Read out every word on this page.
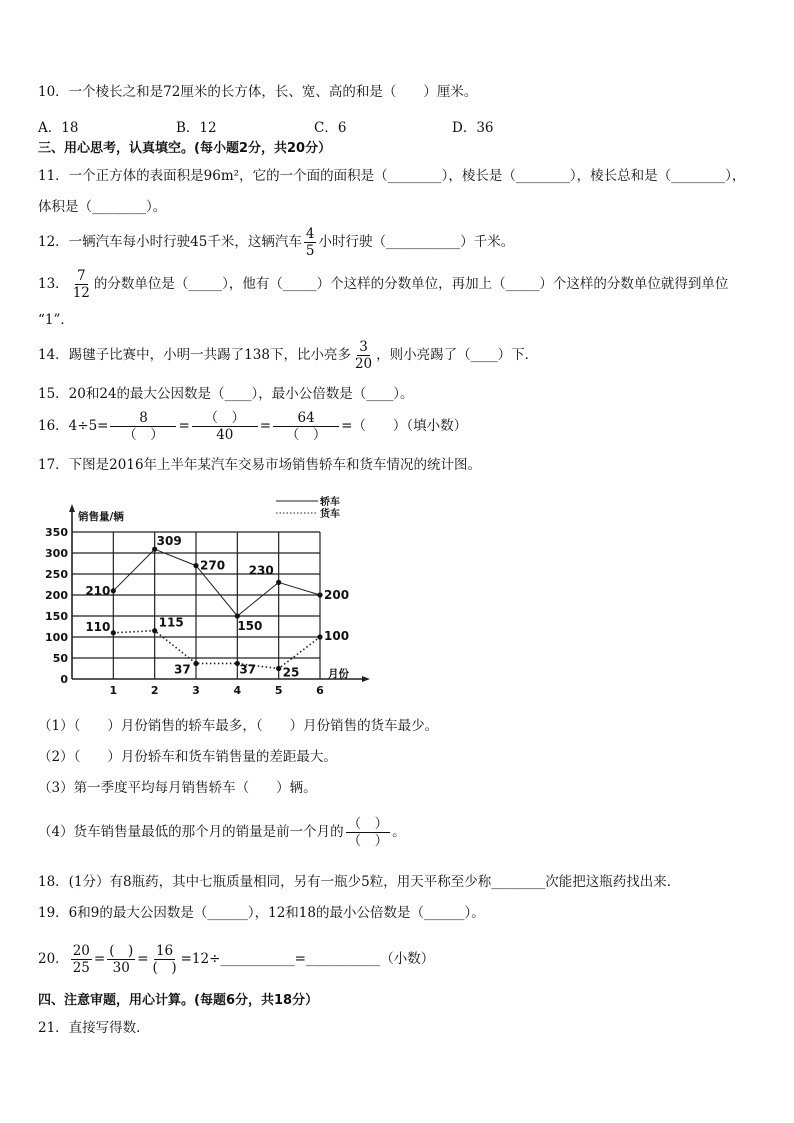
10．一个棱长之和是72厘米的长方体，长、宽、高的和是（　　）厘米。
A．18	B．12	C．6	D．36
三、用心思考，认真填空。(每小题2分，共20分）
11．一个正方体的表面积是96m²，它的一个面的面积是（________），棱长是（________），棱长总和是（________），
体积是（________）。
12．一辆汽车每小时行驶45千米，这辆汽车 $\frac{4}{5}$ 小时行驶（___________）千米。
13． $\frac{7}{12}$ 的分数单位是（_____），他有（_____）个这样的分数单位，再加上（_____）个这样的分数单位就得到单位
“1”．
14．踢毽子比赛中，小明一共踢了138下，比小亮多 $\frac{3}{20}$ ，则小亮踢了（____）下．
15．20和24的最大公因数是（____），最小公倍数是（____）。
16．$4\div 5= \frac{8}{( )} = \frac{( )}{40} = \frac{64}{( )}$ =（　　）（填小数）
17．下图是2016年上半年某汽车交易市场销售轿车和货车情况的统计图。
0
50
100
150
200
250
300
350
1	2	3	4	5	6
销售量/辆
月份
轿车
货车
210
309
270
150
230
200
110	115
37	37 25
100
（1）（　　）月份销售的轿车最多，（　　）月份销售的货车最少。
（2）（　　）月份轿车和货车销售量的差距最大。
（3）第一季度平均每月销售轿车（　　）辆。
（4）货车销售量最低的那个月的销量是前一个月的 $\frac{( )}{( )}$ 。
18．(1分）有8瓶药，其中七瓶质量相同，另有一瓶少5粒，用天平称至少称________次能把这瓶药找出来．
19．6和9的最大公因数是（______），12和18的最小公倍数是（______）。
20． $\frac{20}{25} = \frac{( )}{30} = \frac{16}{( )}$ =12÷___________=___________（小数）
四、注意审题，用心计算。(每题6分，共18分）
21．直接写得数．
